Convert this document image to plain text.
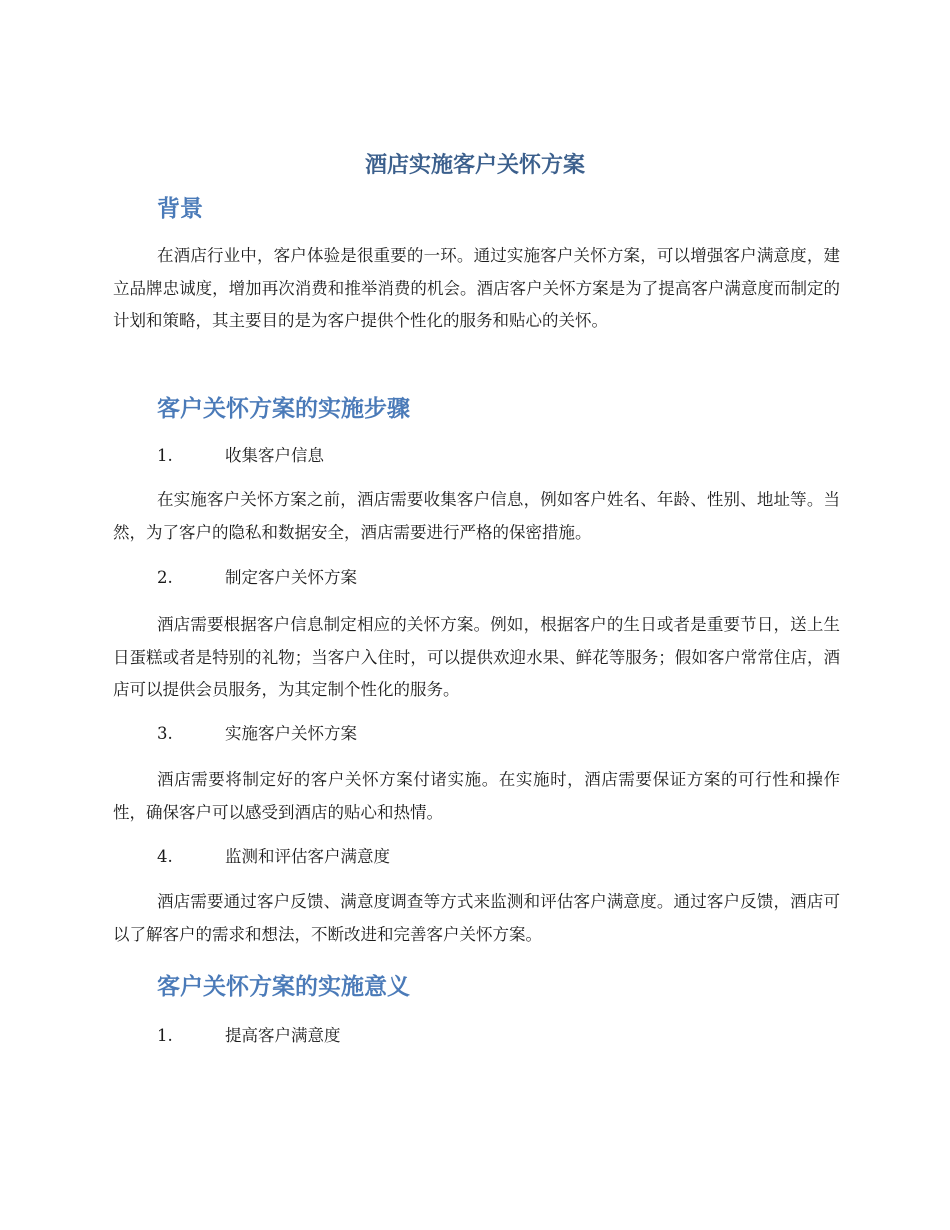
酒店实施客户关怀方案
背景

在酒店行业中，客户体验是很重要的一环。通过实施客户关怀方案，可以增强客户满意度，建立品牌忠诚度，增加再次消费和推举消费的机会。酒店客户关怀方案是为了提高客户满意度而制定的计划和策略，其主要目的是为客户提供个性化的服务和贴心的关怀。

客户关怀方案的实施步骤
1.	收集客户信息

在实施客户关怀方案之前，酒店需要收集客户信息，例如客户姓名、年龄、性别、地址等。当然，为了客户的隐私和数据安全，酒店需要进行严格的保密措施。

2.	制定客户关怀方案

酒店需要根据客户信息制定相应的关怀方案。例如，根据客户的生日或者是重要节日，送上生日蛋糕或者是特别的礼物；当客户入住时，可以提供欢迎水果、鲜花等服务；假如客户常常住店，酒店可以提供会员服务，为其定制个性化的服务。

3.	实施客户关怀方案

酒店需要将制定好的客户关怀方案付诸实施。在实施时，酒店需要保证方案的可行性和操作性，确保客户可以感受到酒店的贴心和热情。

4.	监测和评估客户满意度

酒店需要通过客户反馈、满意度调查等方式来监测和评估客户满意度。通过客户反馈，酒店可以了解客户的需求和想法，不断改进和完善客户关怀方案。

客户关怀方案的实施意义
1.	提高客户满意度
